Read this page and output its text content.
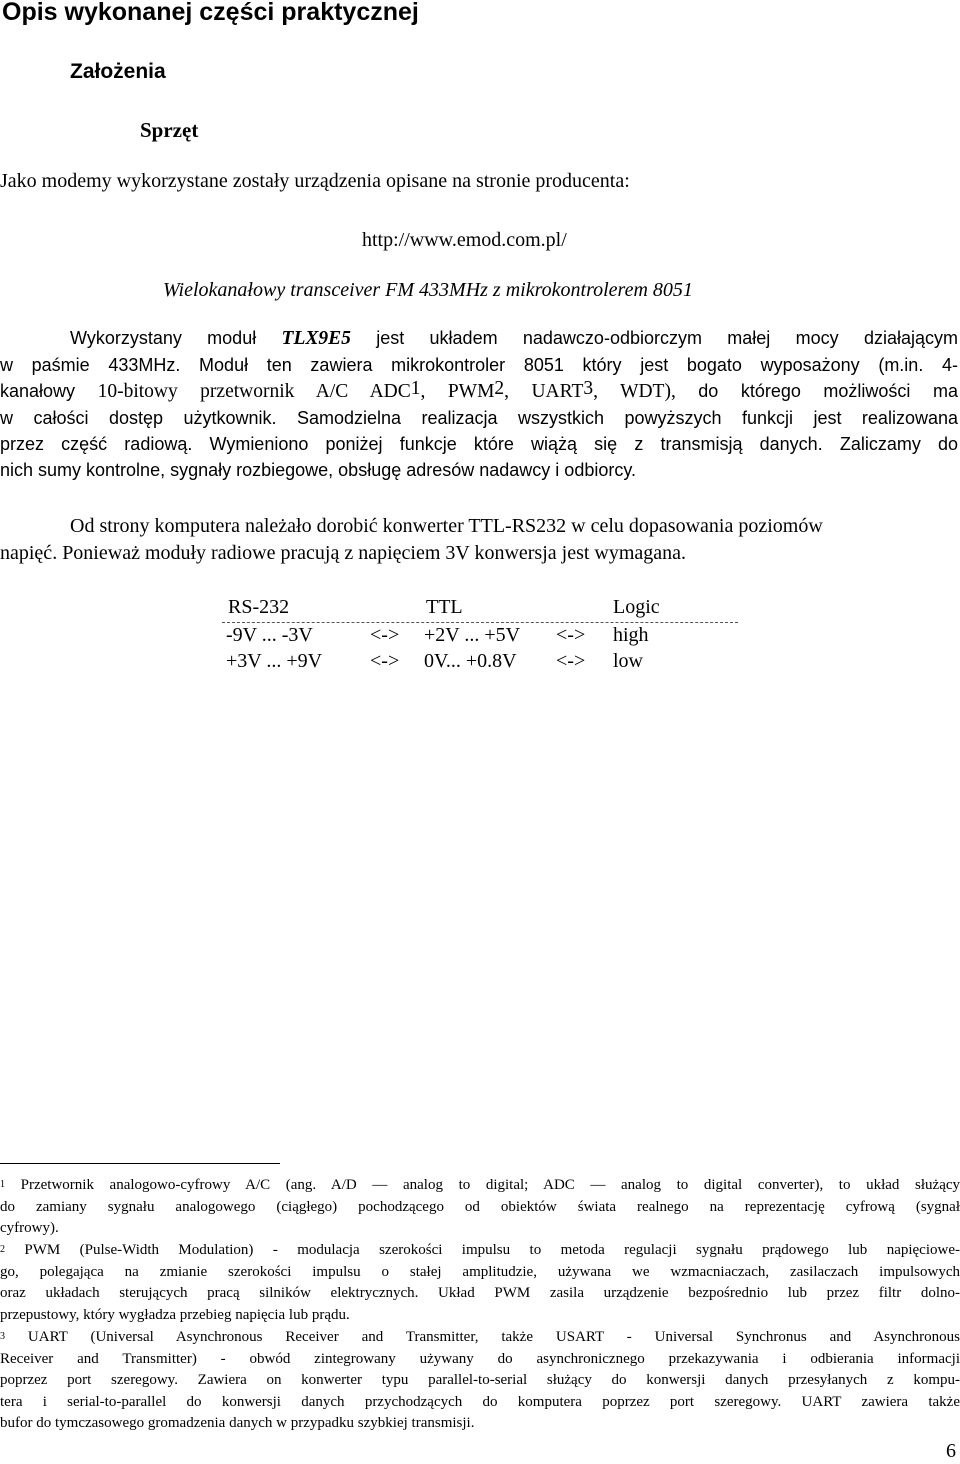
Opis wykonanej części praktycznej
Założenia
Sprzęt
Jako modemy wykorzystane zostały urządzenia opisane na stronie producenta:
http://www.emod.com.pl/
Wielokanałowy transceiver FM 433MHz z mikrokontrolerem 8051
Wykorzystany moduł TLX9E5 jest układem nadawczo-odbiorczym małej mocy działającym
w paśmie 433MHz. Moduł ten zawiera mikrokontroler 8051 który jest bogato wyposażony (m.in. 4-
kanałowy 10-bitowy przetwornik A/C ADC$^1$, PWM$^2$, UART$^3$, WDT), do którego możliwości ma
w całości dostęp użytkownik. Samodzielna realizacja wszystkich powyższych funkcji jest realizowana
przez część radiową. Wymieniono poniżej funkcje które wiążą się z transmisją danych. Zaliczamy do
nich sumy kontrolne, sygnały rozbiegowe, obsługę adresów nadawcy i odbiorcy.
Od strony komputera należało dorobić konwerter TTL-RS232 w celu dopasowania poziomów
napięć. Ponieważ moduły radiowe pracują z napięciem 3V konwersja jest wymagana.
RS-232	TTL	Logic
-9V ... -3V	<-> +2V ... +5V <-> high
+3V ... +9V <-> 0V... +0.8V <-> low
$^1$ Przetwornik analogowo-cyfrowy A/C (ang. A/D — analog to digital; ADC — analog to digital converter), to układ służący
do zamiany sygnału analogowego (ciągłego) pochodzącego od obiektów świata realnego na reprezentację cyfrową (sygnał
cyfrowy).
$^2$ PWM (Pulse-Width Modulation) - modulacja szerokości impulsu to metoda regulacji sygnału prądowego lub napięciowe-
go, polegająca na zmianie szerokości impulsu o stałej amplitudzie, używana we wzmacniaczach, zasilaczach impulsowych
oraz układach sterujących pracą silników elektrycznych. Układ PWM zasila urządzenie bezpośrednio lub przez filtr dolno-
przepustowy, który wygładza przebieg napięcia lub prądu.
$^3$ UART (Universal Asynchronous Receiver and Transmitter, także USART - Universal Synchronus and Asynchronous
Receiver and Transmitter) - obwód zintegrowany używany do asynchronicznego przekazywania i odbierania informacji
poprzez port szeregowy. Zawiera on konwerter typu parallel-to-serial służący do konwersji danych przesyłanych z kompu-
tera i serial-to-parallel do konwersji danych przychodzących do komputera poprzez port szeregowy. UART zawiera także
bufor do tymczasowego gromadzenia danych w przypadku szybkiej transmisji.
6
